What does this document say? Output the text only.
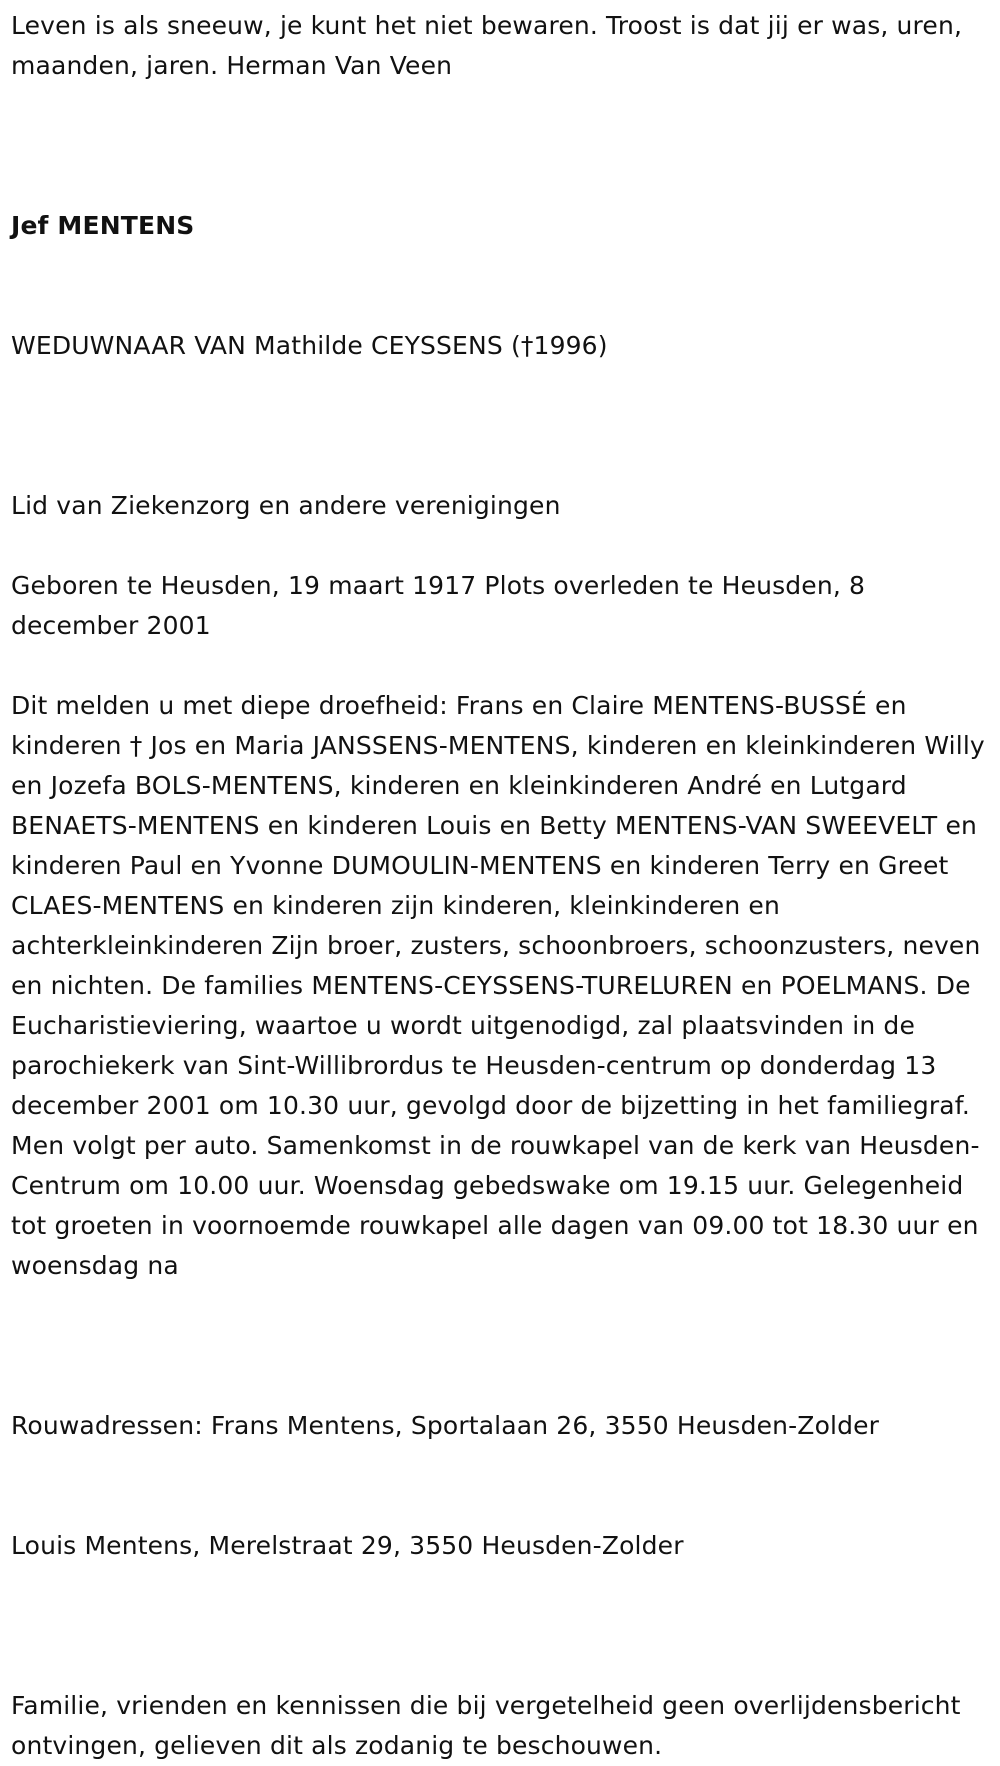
Leven is als sneeuw, je kunt het niet bewaren. Troost is dat jij er was, uren, maanden, jaren. Herman Van Veen

Jef MENTENS

WEDUWNAAR VAN Mathilde CEYSSENS (†1996)

Lid van Ziekenzorg en andere verenigingen

Geboren te Heusden, 19 maart 1917 Plots overleden te Heusden, 8 december 2001

Dit melden u met diepe droefheid: Frans en Claire MENTENS-BUSSÉ en kinderen † Jos en Maria JANSSENS-MENTENS, kinderen en kleinkinderen Willy en Jozefa BOLS-MENTENS, kinderen en kleinkinderen André en Lutgard BENAETS-MENTENS en kinderen Louis en Betty MENTENS-VAN SWEEVELT en kinderen Paul en Yvonne DUMOULIN-MENTENS en kinderen Terry en Greet CLAES-MENTENS en kinderen zijn kinderen, kleinkinderen en achterkleinkinderen Zijn broer, zusters, schoonbroers, schoonzusters, neven en nichten. De families MENTENS-CEYSSENS-TURELUREN en POELMANS. De Eucharistieviering, waartoe u wordt uitgenodigd, zal plaatsvinden in de parochiekerk van Sint-Willibrordus te Heusden-centrum op donderdag 13 december 2001 om 10.30 uur, gevolgd door de bijzetting in het familiegraf. Men volgt per auto. Samenkomst in de rouwkapel van de kerk van Heusden-Centrum om 10.00 uur. Woensdag gebedswake om 19.15 uur. Gelegenheid tot groeten in voornoemde rouwkapel alle dagen van 09.00 tot 18.30 uur en woensdag na

Rouwadressen: Frans Mentens, Sportalaan 26, 3550 Heusden-Zolder

Louis Mentens, Merelstraat 29, 3550 Heusden-Zolder

Familie, vrienden en kennissen die bij vergetelheid geen overlijdensbericht ontvingen, gelieven dit als zodanig te beschouwen.
